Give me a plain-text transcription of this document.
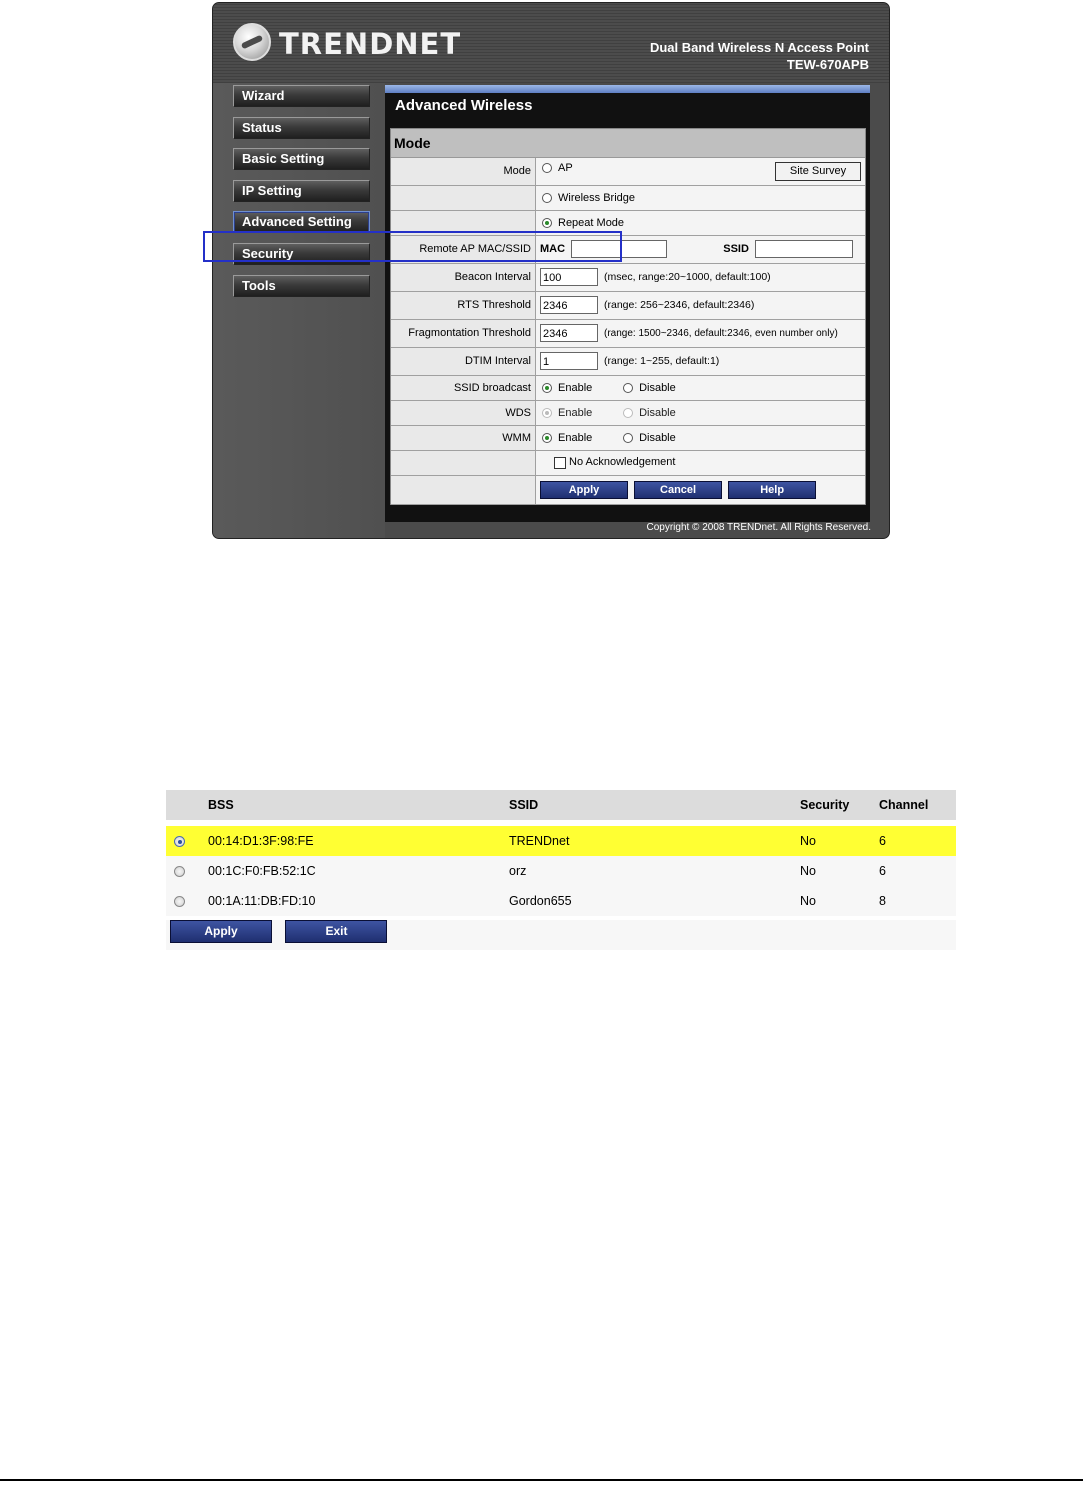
TRENDNET	Dual Band Wireless N Access Point
TEW-670APB
Wizard
Status
Basic Setting
IP Setting
Advanced Setting
Security
Tools
Advanced Wireless
Mode
Mode	AP Site Survey

	Wireless Bridge
	Repeat Mode
Remote AP MAC/SSID	MAC SSID
Beacon Interval	100 (msec, range:20~1000, default:100)
RTS Threshold	2346 (range: 256~2346, default:2346)
Fragmontation Threshold	2346 (range: 1500~2346, default:2346, even number only)
DTIM Interval	1 (range: 1~255, default:1)
SSID broadcast	Enable Disable
WDS	Enable Disable
WMM	Enable Disable
	No Acknowledgement
	Apply Cancel Help
Copyright © 2008 TRENDnet. All Rights Reserved.
	BSS	SSID	Security	Channel

	00:14:D1:3F:98:FE	TRENDnet	No	6
	00:1C:F0:FB:52:1C	orz	No	6
	00:1A:11:DB:FD:10	Gordon655	No	8
Apply	Exit
